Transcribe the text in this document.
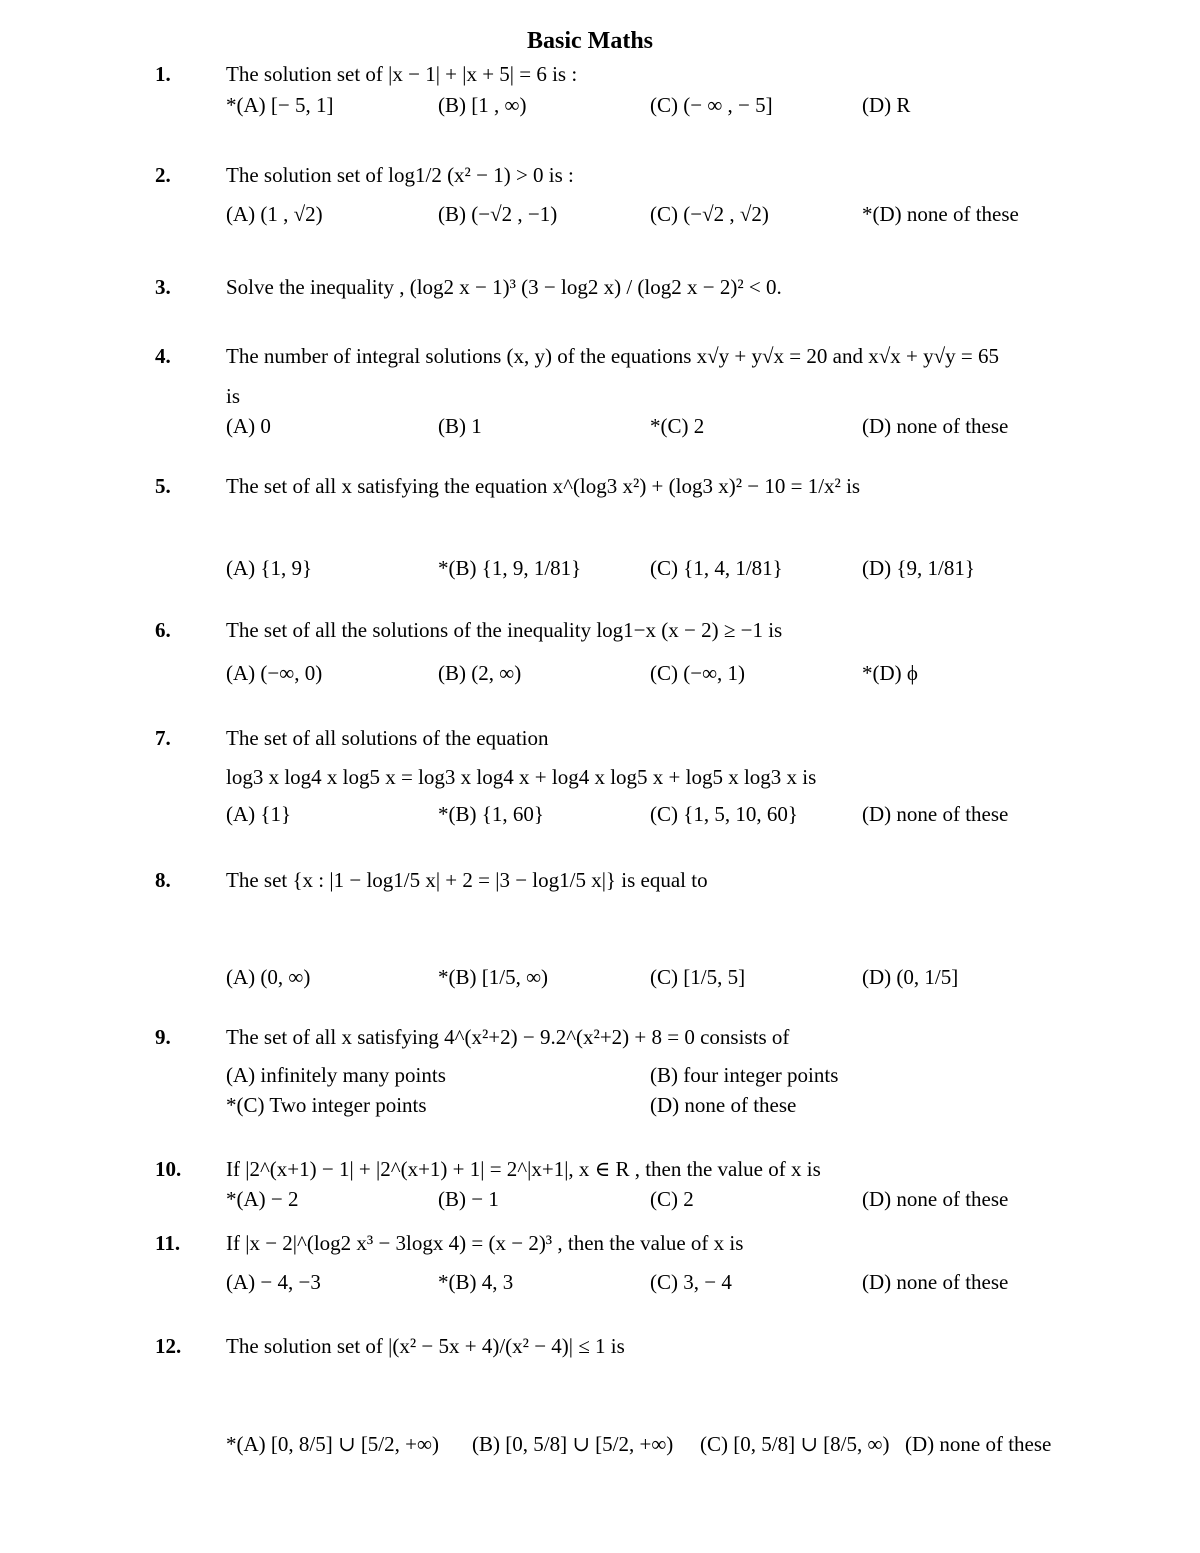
Basic Maths
1.	The solution set of |x − 1| + |x + 5| = 6 is :
*(A) [− 5, 1]	(B) [1 , ∞)	(C) (− ∞ , − 5]	(D) R
2.	The solution set of log1/2 (x² − 1) > 0 is :
(A) (1 , √2)	(B) (−√2 , −1)	(C) (−√2 , √2)	*(D) none of these
3.	Solve the inequality , (log2 x − 1)³ (3 − log2 x) / (log2 x − 2)² < 0.
4.	The number of integral solutions (x, y) of the equations x√y + y√x = 20 and x√x + y√y = 65
is
(A) 0	(B) 1	*(C) 2	(D) none of these
5.	The set of all x satisfying the equation x^(log3 x²) + (log3 x)² − 10 = 1/x² is
(A) {1, 9}	*(B) {1, 9, 1/81}	(C) {1, 4, 1/81}	(D) {9, 1/81}
6.	The set of all the solutions of the inequality log1−x (x − 2) ≥ −1 is
(A) (−∞, 0)	(B) (2, ∞)	(C) (−∞, 1)	*(D) ϕ
7.	The set of all solutions of the equation
log3 x log4 x log5 x = log3 x log4 x + log4 x log5 x + log5 x log3 x is
(A) {1}	*(B) {1, 60}	(C) {1, 5, 10, 60}	(D) none of these
8.	The set {x : |1 − log1/5 x| + 2 = |3 − log1/5 x|} is equal to
(A) (0, ∞)	*(B) [1/5, ∞)	(C) [1/5, 5]	(D) (0, 1/5]
9.	The set of all x satisfying 4^(x²+2) − 9.2^(x²+2) + 8 = 0 consists of
(A) infinitely many points	(B) four integer points
*(C) Two integer points	(D) none of these
10. If |2^(x+1) − 1| + |2^(x+1) + 1| = 2^|x+1|, x ∈ R , then the value of x is
*(A) − 2	(B) − 1	(C) 2	(D) none of these
11. If |x − 2|^(log2 x³ − 3logx 4) = (x − 2)³ , then the value of x is
(A) − 4, −3	*(B) 4, 3	(C) 3, − 4	(D) none of these
12. The solution set of |(x² − 5x + 4)/(x² − 4)| ≤ 1 is
*(A) [0, 8/5] ∪ [5/2, +∞) (B) [0, 5/8] ∪ [5/2, +∞) (C) [0, 5/8] ∪ [8/5, ∞) (D) none of these
